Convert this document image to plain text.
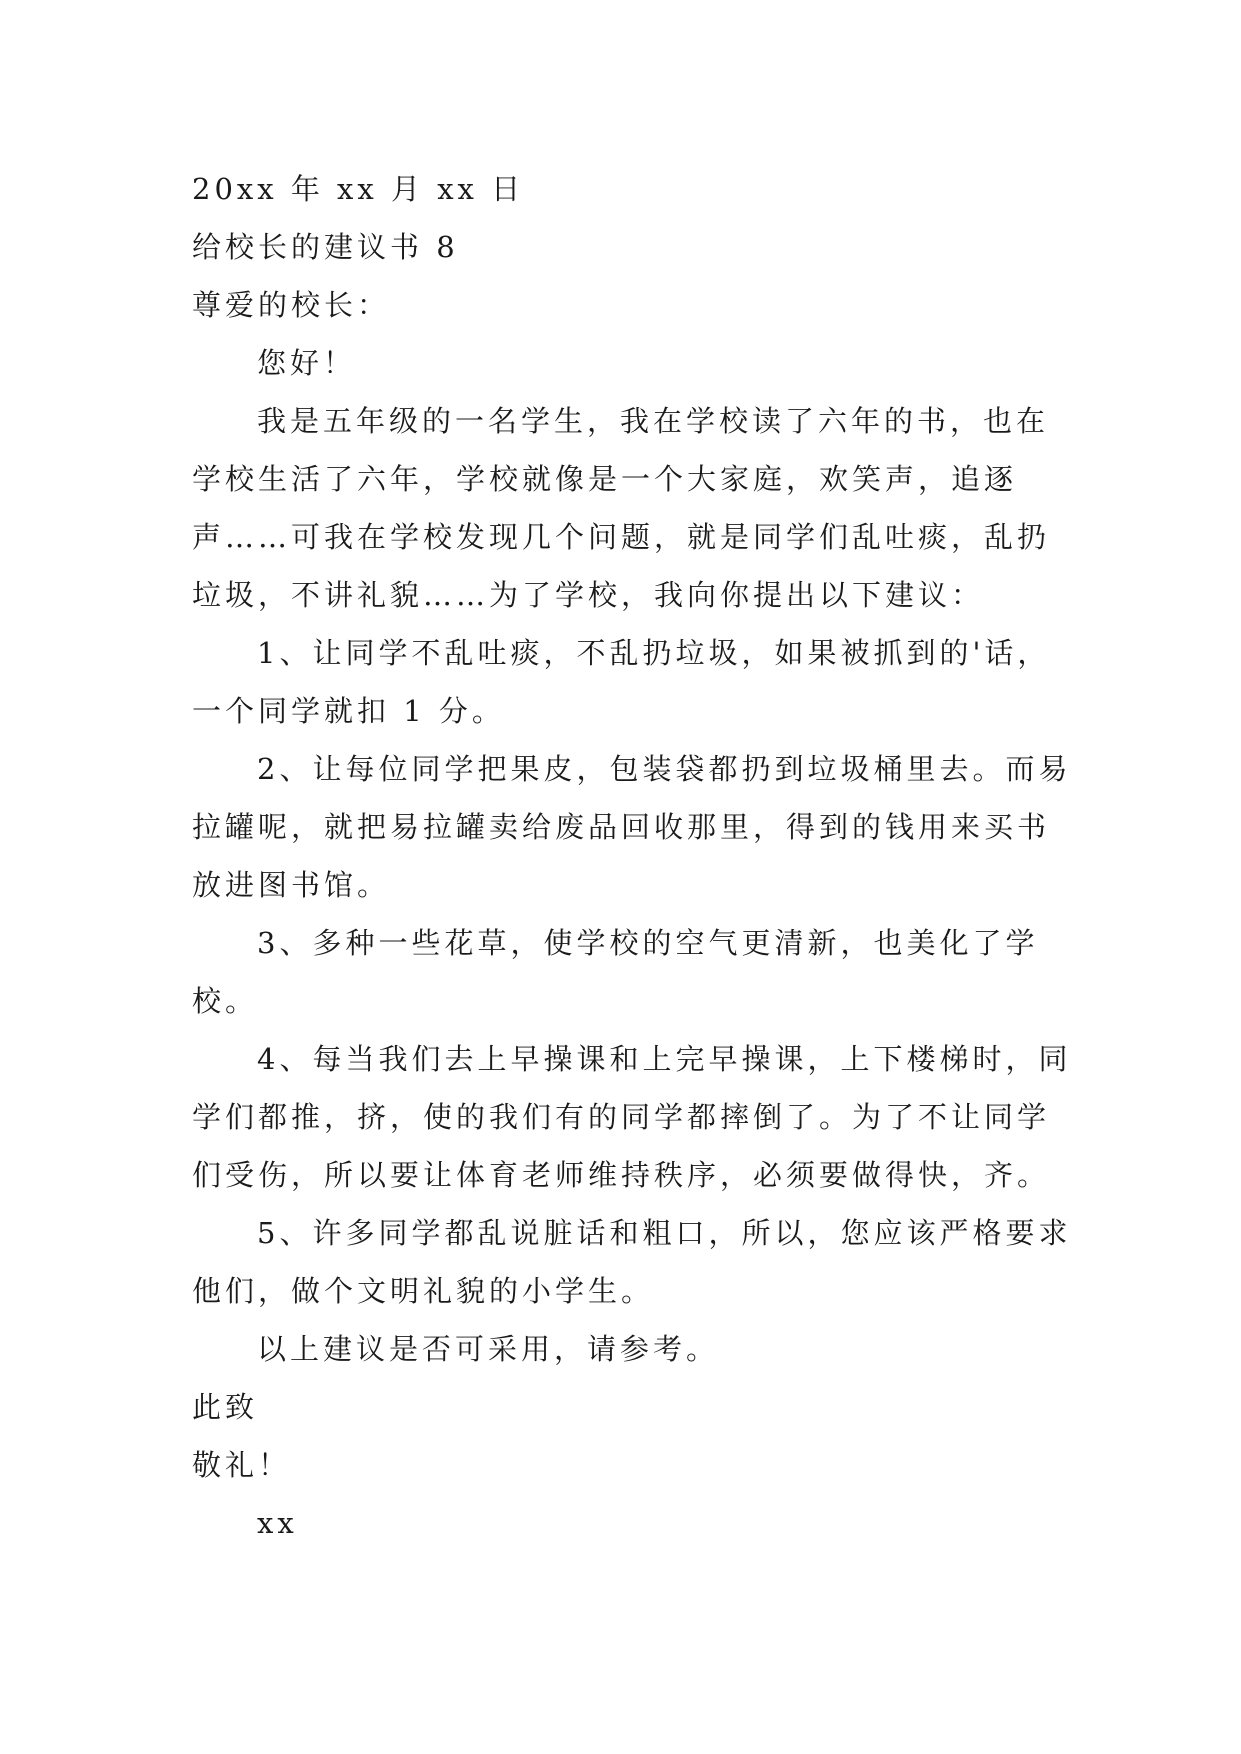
20xx 年 xx 月 xx 日
给校长的建议书 8
尊爱的校长：
您好！
我是五年级的一名学生，我在学校读了六年的书，也在学校生活了六年，学校就像是一个大家庭，欢笑声，追逐声……可我在学校发现几个问题，就是同学们乱吐痰，乱扔垃圾，不讲礼貌……为了学校，我向你提出以下建议：
1、让同学不乱吐痰，不乱扔垃圾，如果被抓到的'话，一个同学就扣 1 分。
2、让每位同学把果皮，包装袋都扔到垃圾桶里去。而易拉罐呢，就把易拉罐卖给废品回收那里，得到的钱用来买书放进图书馆。
3、多种一些花草，使学校的空气更清新，也美化了学校。
4、每当我们去上早操课和上完早操课，上下楼梯时，同学们都推，挤，使的我们有的同学都摔倒了。为了不让同学们受伤，所以要让体育老师维持秩序，必须要做得快，齐。
5、许多同学都乱说脏话和粗口，所以，您应该严格要求他们，做个文明礼貌的小学生。
以上建议是否可采用，请参考。
此致
敬礼！
xx
